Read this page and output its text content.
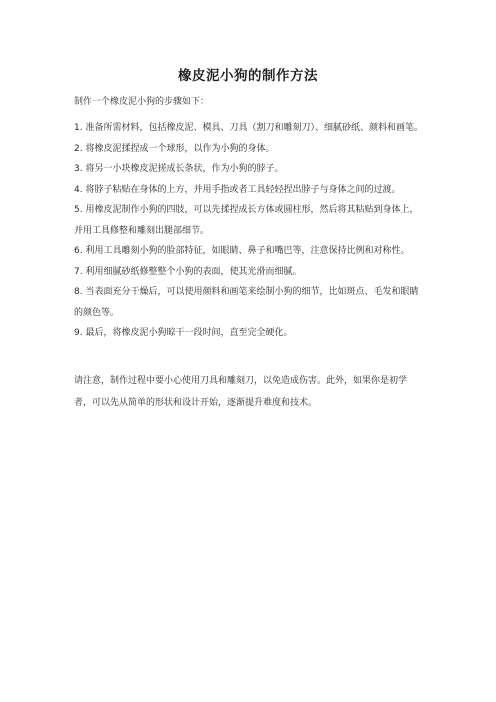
橡皮泥小狗的制作方法

制作一个橡皮泥小狗的步骤如下：

1. 准备所需材料，包括橡皮泥、模具、刀具（割刀和雕刻刀）、细腻砂纸、颜料和画笔。
2. 将橡皮泥揉捏成一个球形，以作为小狗的身体。
3. 将另一小块橡皮泥搓成长条状，作为小狗的脖子。
4. 将脖子粘贴在身体的上方，并用手指或者工具轻轻捏出脖子与身体之间的过渡。
5. 用橡皮泥制作小狗的四肢，可以先揉捏成长方体或圆柱形，然后将其粘贴到身体上，并用工具修整和雕刻出腿部细节。
6. 利用工具雕刻小狗的脸部特征，如眼睛、鼻子和嘴巴等，注意保持比例和对称性。
7. 利用细腻砂纸修整整个小狗的表面，使其光滑而细腻。
8. 当表面充分干燥后，可以使用颜料和画笔来绘制小狗的细节，比如斑点、毛发和眼睛的颜色等。
9. 最后，将橡皮泥小狗晾干一段时间，直至完全硬化。

请注意，制作过程中要小心使用刀具和雕刻刀，以免造成伤害。此外，如果你是初学者，可以先从简单的形状和设计开始，逐渐提升难度和技术。
